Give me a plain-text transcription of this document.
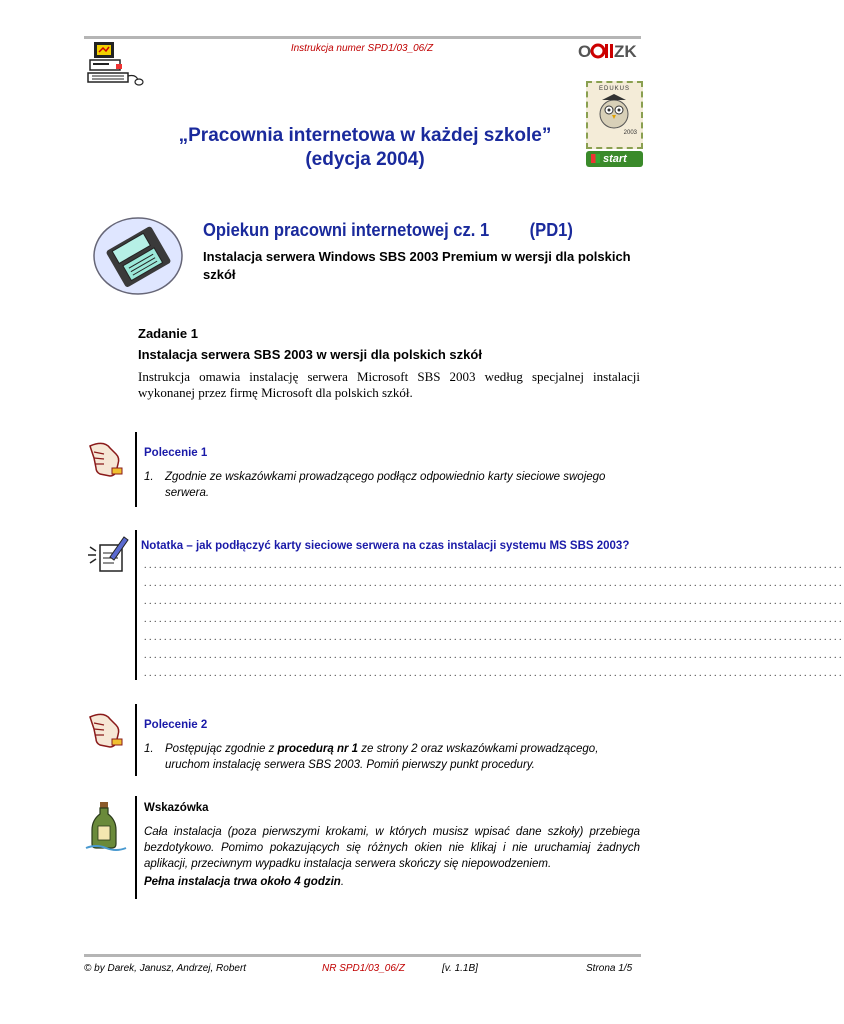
Instrukcja numer SPD1/03_06/Z	O ZK
EDUKUS
2003
start
„Pracownia internetowa w każdej szkole”
(edycja 2004)
Opiekun pracowni internetowej cz. 1 (PD1)
Instalacja serwera Windows SBS 2003 Premium w wersji dla polskich szkół
Zadanie 1
Instalacja serwera SBS 2003 w wersji dla polskich szkół
Instrukcja omawia instalację serwera Microsoft SBS 2003 według specjalnej instalacji wykonanej przez firmę Microsoft dla polskich szkół.
Polecenie 1
1. Zgodnie ze wskazówkami prowadzącego podłącz odpowiednio karty sieciowe swojego serwera.
Notatka – jak podłączyć karty sieciowe serwera na czas instalacji systemu MS SBS 2003?
............................................................................................................................................
............................................................................................................................................
............................................................................................................................................
............................................................................................................................................
............................................................................................................................................
............................................................................................................................................
............................................................................................................................................
Polecenie 2
1. Postępując zgodnie z procedurą nr 1 ze strony 2 oraz wskazówkami prowadzącego, uruchom instalację serwera SBS 2003. Pomiń pierwszy punkt procedury.
Wskazówka
Cała instalacja (poza pierwszymi krokami, w których musisz wpisać dane szkoły) przebiega bezdotykowo. Pomimo pokazujących się różnych okien nie klikaj i nie uruchamiaj żadnych aplikacji, przeciwnym wypadku instalacja serwera skończy się niepowodzeniem.
Pełna instalacja trwa około 4 godzin.
© by Darek, Janusz, Andrzej, Robert	NR SPD1/03_06/Z	[v. 1.1B]	Strona 1/5
